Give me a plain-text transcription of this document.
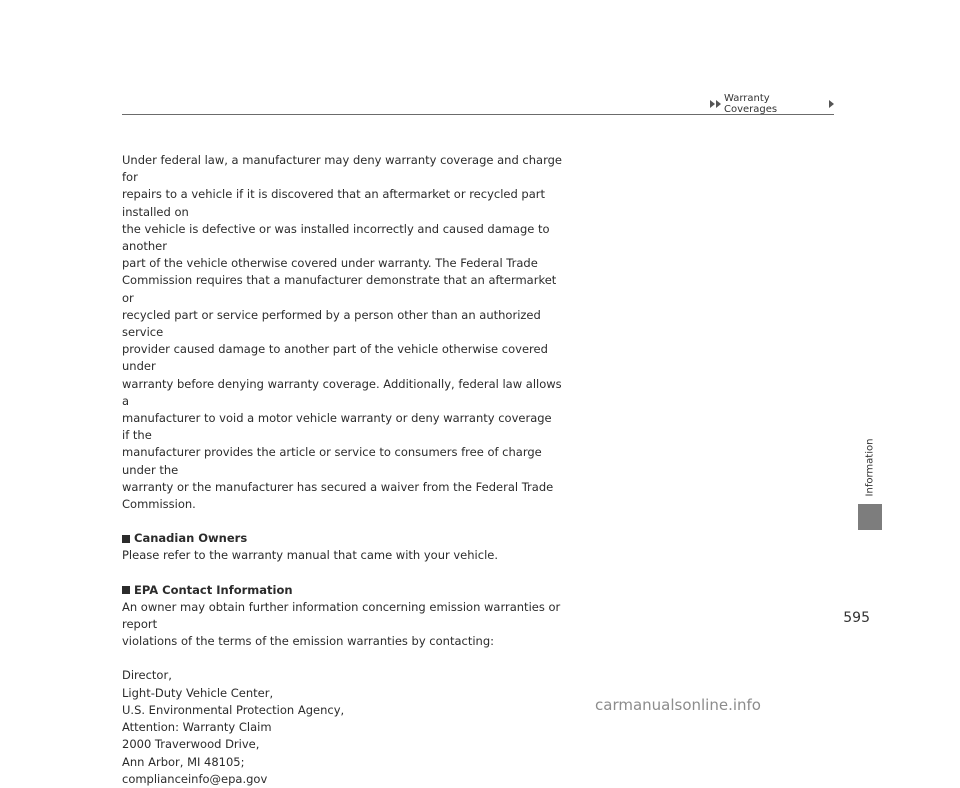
Warranty Coverages

Under federal law, a manufacturer may deny warranty coverage and charge for
repairs to a vehicle if it is discovered that an aftermarket or recycled part installed on
the vehicle is defective or was installed incorrectly and caused damage to another
part of the vehicle otherwise covered under warranty. The Federal Trade
Commission requires that a manufacturer demonstrate that an aftermarket or
recycled part or service performed by a person other than an authorized service
provider caused damage to another part of the vehicle otherwise covered under
warranty before denying warranty coverage. Additionally, federal law allows a
manufacturer to void a motor vehicle warranty or deny warranty coverage if the
manufacturer provides the article or service to consumers free of charge under the
warranty or the manufacturer has secured a waiver from the Federal Trade
Commission.

Canadian Owners

Please refer to the warranty manual that came with your vehicle.

EPA Contact Information

An owner may obtain further information concerning emission warranties or report
violations of the terms of the emission warranties by contacting:

Director,
Light-Duty Vehicle Center,
U.S. Environmental Protection Agency,
Attention: Warranty Claim
2000 Traverwood Drive,
Ann Arbor, MI 48105;
complianceinfo@epa.gov

Information
595
carmanualsonline.info
